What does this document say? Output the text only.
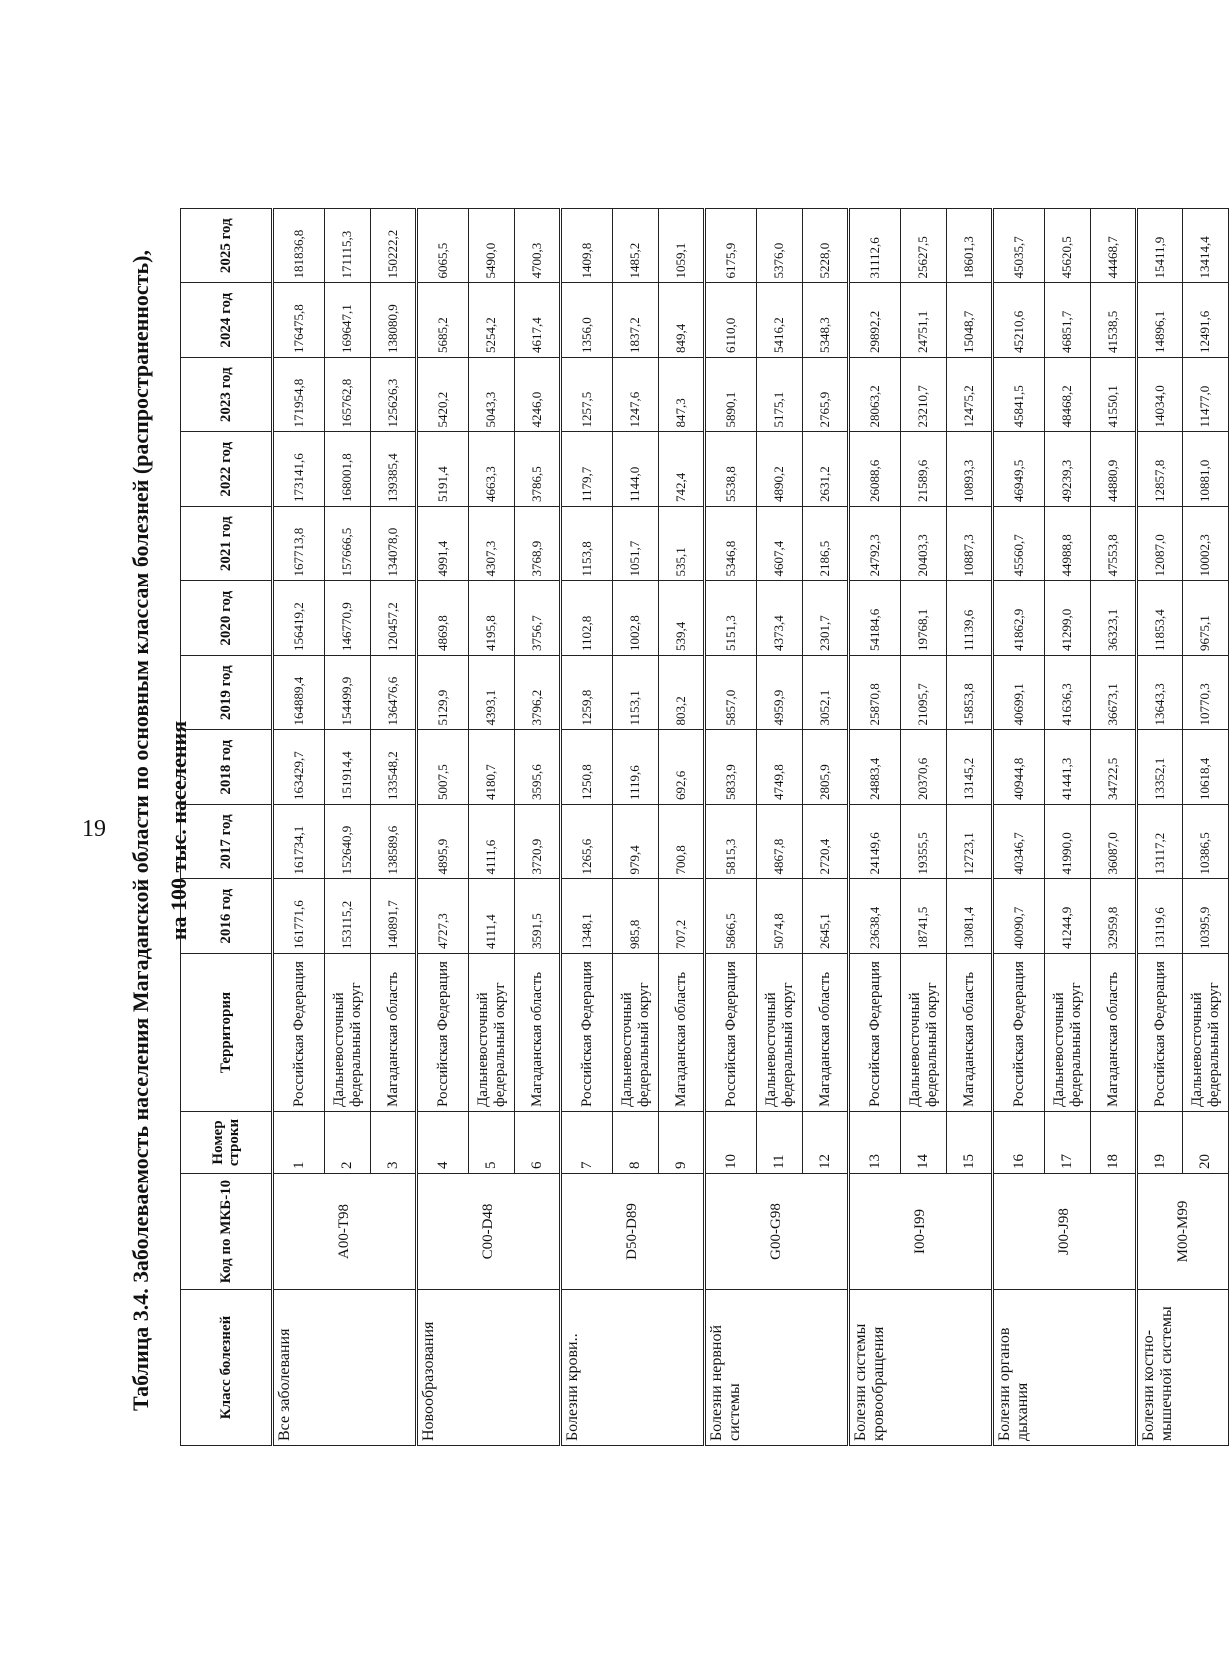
19 Таблица 3.4. Заболеваемость населения Магаданской области по основным классам болезней (распространенность), на 100 тыс. населения
Класс болезней	Код по МКБ-10	Номер строки	Территория	2016 год	2017 год	2018 год	2019 год	2020 год	2021 год	2022 год	2023 год	2024 год	2025 год
Все заболевания	A00-T98	1	Российская Федерация	161771,6	161734,1	163429,7	164889,4	156419,2	167713,8	173141,6	171954,8	176475,8	181836,8
		2	Дальневосточный федеральный округ	153115,2	152640,9	151914,4	154499,9	146770,9	157666,5	168001,8	165762,8	169647,1	171115,3
		3	Магаданская область	140891,7	138589,6	133548,2	136476,6	120457,2	134078,0	139385,4	125626,3	138080,9	150222,2
Новообразования	C00-D48	4	Российская Федерация	4727,3	4895,9	5007,5	5129,9	4869,8	4991,4	5191,4	5420,2	5685,2	6065,5
		5	Дальневосточный федеральный округ	4111,4	4111,6	4180,7	4393,1	4195,8	4307,3	4663,3	5043,3	5254,2	5490,0
		6	Магаданская область	3591,5	3720,9	3595,6	3796,2	3756,7	3768,9	3786,5	4246,0	4617,4	4700,3
Болезни крови..	D50-D89	7	Российская Федерация	1348,1	1265,6	1250,8	1259,8	1102,8	1153,8	1179,7	1257,5	1356,0	1409,8
		8	Дальневосточный федеральный округ	985,8	979,4	1119,6	1153,1	1002,8	1051,7	1144,0	1247,6	1837,2	1485,2
		9	Магаданская область	707,2	700,8	692,6	803,2	539,4	535,1	742,4	847,3	849,4	1059,1
Болезни нервной системы	G00-G98	10	Российская Федерация	5866,5	5815,3	5833,9	5857,0	5151,3	5346,8	5538,8	5890,1	6110,0	6175,9
		11	Дальневосточный федеральный округ	5074,8	4867,8	4749,8	4959,9	4373,4	4607,4	4890,2	5175,1	5416,2	5376,0
		12	Магаданская область	2645,1	2720,4	2805,9	3052,1	2301,7	2186,5	2631,2	2765,9	5348,3	5228,0
Болезни системы кровообращения	I00-I99	13	Российская Федерация	23638,4	24149,6	24883,4	25870,8	54184,6	24792,3	26088,6	28063,2	29892,2	31112,6
		14	Дальневосточный федеральный округ	18741,5	19355,5	20370,6	21095,7	19768,1	20403,3	21589,6	23210,7	24751,1	25627,5
		15	Магаданская область	13081,4	12723,1	13145,2	15853,8	11139,6	10887,3	10893,3	12475,2	15048,7	18601,3
Болезни органов дыхания	J00-J98	16	Российская Федерация	40090,7	40346,7	40944,8	40699,1	41862,9	45560,7	46949,5	45841,5	45210,6	45035,7
		17	Дальневосточный федеральный округ	41244,9	41990,0	41441,3	41636,3	41299,0	44988,8	49239,3	48468,2	46851,7	45620,5
		18	Магаданская область	32959,8	36087,0	34722,5	36673,1	36323,1	47553,8	44880,9	41550,1	41538,5	44468,7
Болезни костно-мышечной системы	M00-M99	19	Российская Федерация	13119,6	13117,2	13352,1	13643,3	11853,4	12087,0	12857,8	14034,0	14896,1	15411,9
		20	Дальневосточный федеральный округ	10395,9	10386,5	10618,4	10770,3	9675,1	10002,3	10881,0	11477,0	12491,6	13414,4
